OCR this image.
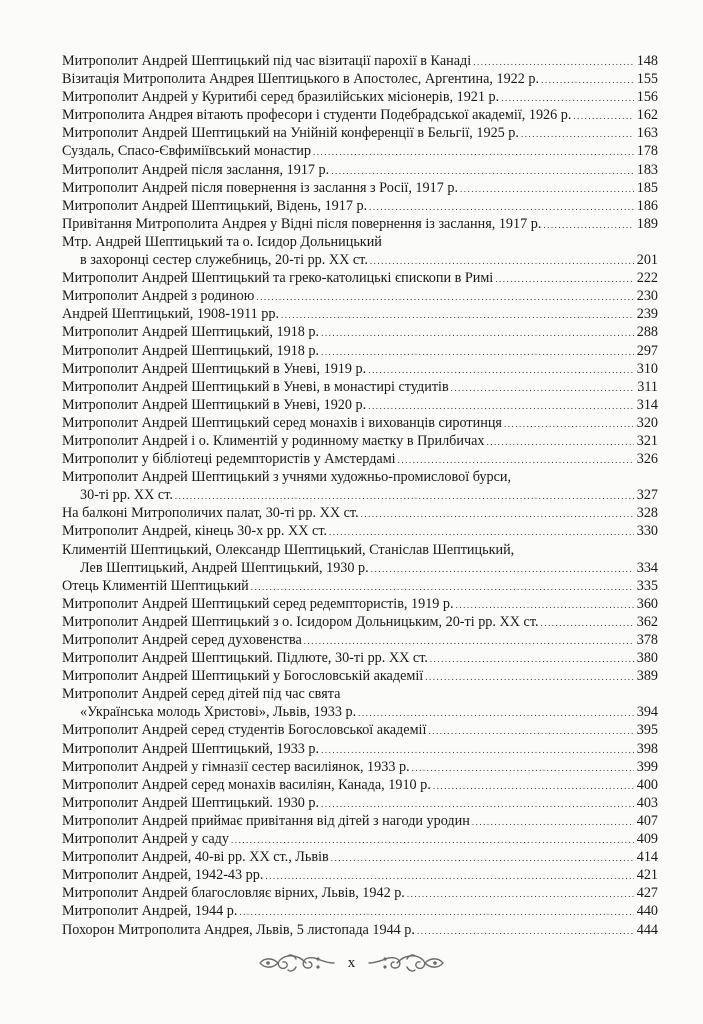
Митрополит Андрей Шептицький під час візитації парохії в Канаді .....	148
Візитація Митрополита Андрея Шептицького в Апостолес, Аргентина, 1922 р. .....	155
Митрополит Андрей у Куритибі серед бразилійських місіонерів, 1921 р. .....	156
Митрополита Андрея вітають професори і студенти Подебрадської академії, 1926 р. .....	162
Митрополит Андрей Шептицький на Унійній конференції в Бельгії, 1925 р. .....	163
Суздаль, Спасо-Євфиміївський монастир .....	178
Митрополит Андрей після заслання, 1917 р. .....	183
Митрополит Андрей після повернення із заслання з Росії, 1917 р. .....	185
Митрополит Андрей Шептицький, Відень, 1917 р. .....	186
Привітання Митрополита Андрея у Відні після повернення із заслання, 1917 р. .....	189
Мтр. Андрей Шептицький та о. Ісидор Дольницький
в захоронці сестер служебниць, 20-ті рр. XX ст. .....	201
Митрополит Андрей Шептицький та греко-католицькі єпископи в Римі .....	222
Митрополит Андрей з родиною .....	230
Андрей Шептицький, 1908-1911 рр. .....	239
Митрополит Андрей Шептицький, 1918 р. .....	288
Митрополит Андрей Шептицький, 1918 р. .....	297
Митрополит Андрей Шептицький в Уневі, 1919 р. .....	310
Митрополит Андрей Шептицький в Уневі, в монастирі студитів .....	311
Митрополит Андрей Шептицький в Уневі, 1920 р. .....	314
Митрополит Андрей Шептицький серед монахів і вихованців сиротинця .....	320
Митрополит Андрей і о. Климентій у родинному маєтку в Прилбичах .....	321
Митрополит у бібліотеці редемптористів у Амстердамі .....	326
Митрополит Андрей Шептицький з учнями художньо-промислової бурси,
30-ті рр. XX ст. .....	327
На балконі Митрополичих палат, 30-ті рр. XX ст. .....	328
Митрополит Андрей, кінець 30-х рр. XX ст. .....	330
Климентій Шептицький, Олександр Шептицький, Станіслав Шептицький,
Лев Шептицький, Андрей Шептицький, 1930 р. .....	334
Отець Климентій Шептицький .....	335
Митрополит Андрей Шептицький серед редемптористів, 1919 р. .....	360
Митрополит Андрей Шептицький з о. Ісидором Дольницьким, 20-ті рр. XX ст. .....	362
Митрополит Андрей серед духовенства .....	378
Митрополит Андрей Шептицький. Підлюте, 30-ті рр. XX ст. .....	380
Митрополит Андрей Шептицький у Богословській академії .....	389
Митрополит Андрей серед дітей під час свята
«Українська молодь Христові», Львів, 1933 р. .....	394
Митрополит Андрей серед студентів Богословської академії .....	395
Митрополит Андрей Шептицький, 1933 р. .....	398
Митрополит Андрей у гімназії сестер василіянок, 1933 р. .....	399
Митрополит Андрей серед монахів василіян, Канада, 1910 р. .....	400
Митрополит Андрей Шептицький. 1930 р. .....	403
Митрополит Андрей приймає привітання від дітей з нагоди уродин .....	407
Митрополит Андрей у саду .....	409
Митрополит Андрей, 40-ві рр. XX ст., Львів .....	414
Митрополит Андрей, 1942-43 рр. .....	421
Митрополит Андрей благословляє вірних, Львів, 1942 р. .....	427
Митрополит Андрей, 1944 р. .....	440
Похорон Митрополита Андрея, Львів, 5 листопада 1944 р. .....	444
x
